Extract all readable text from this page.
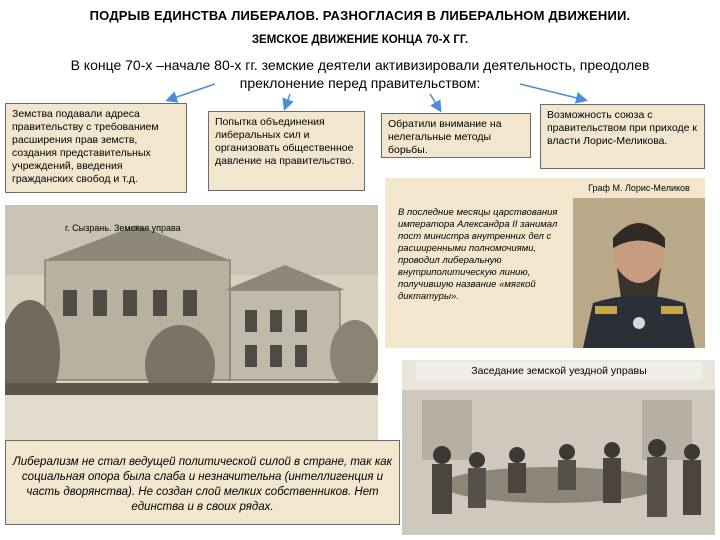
ПОДРЫВ ЕДИНСТВА ЛИБЕРАЛОВ. РАЗНОГЛАСИЯ В ЛИБЕРАЛЬНОМ ДВИЖЕНИИ.
ЗЕМСКОЕ ДВИЖЕНИЕ КОНЦА 70-Х ГГ.
В конце 70-х –начале 80-х гг. земские деятели активизировали деятельность, преодолев преклонение перед правительством:
Земства подавали адреса правительству с требованием расширения прав земств, создания представительных учреждений, введения гражданских свобод и т.д.
Попытка объединения либеральных сил и организовать общественное давление на правительство.
Обратили внимание на нелегальные методы борьбы.
Возможность союза с правительством при приходе к власти Лорис-Меликова.
г. Сызрань. Земская управа
Граф М. Лорис-Меликов
В последние месяцы царствования императора Александра II занимал пост министра внутренних дел с расширенными полномочиями, проводил либеральную внутриполитическую линию, получившую название «мягкой диктатуры».
Заседание земской уездной управы
Либерализм не стал ведущей политической силой в стране, так как социальная опора была слаба и незначительна (интеллигенция и часть дворянства). Не создан слой мелких собственников. Нет единства и в своих рядах.
